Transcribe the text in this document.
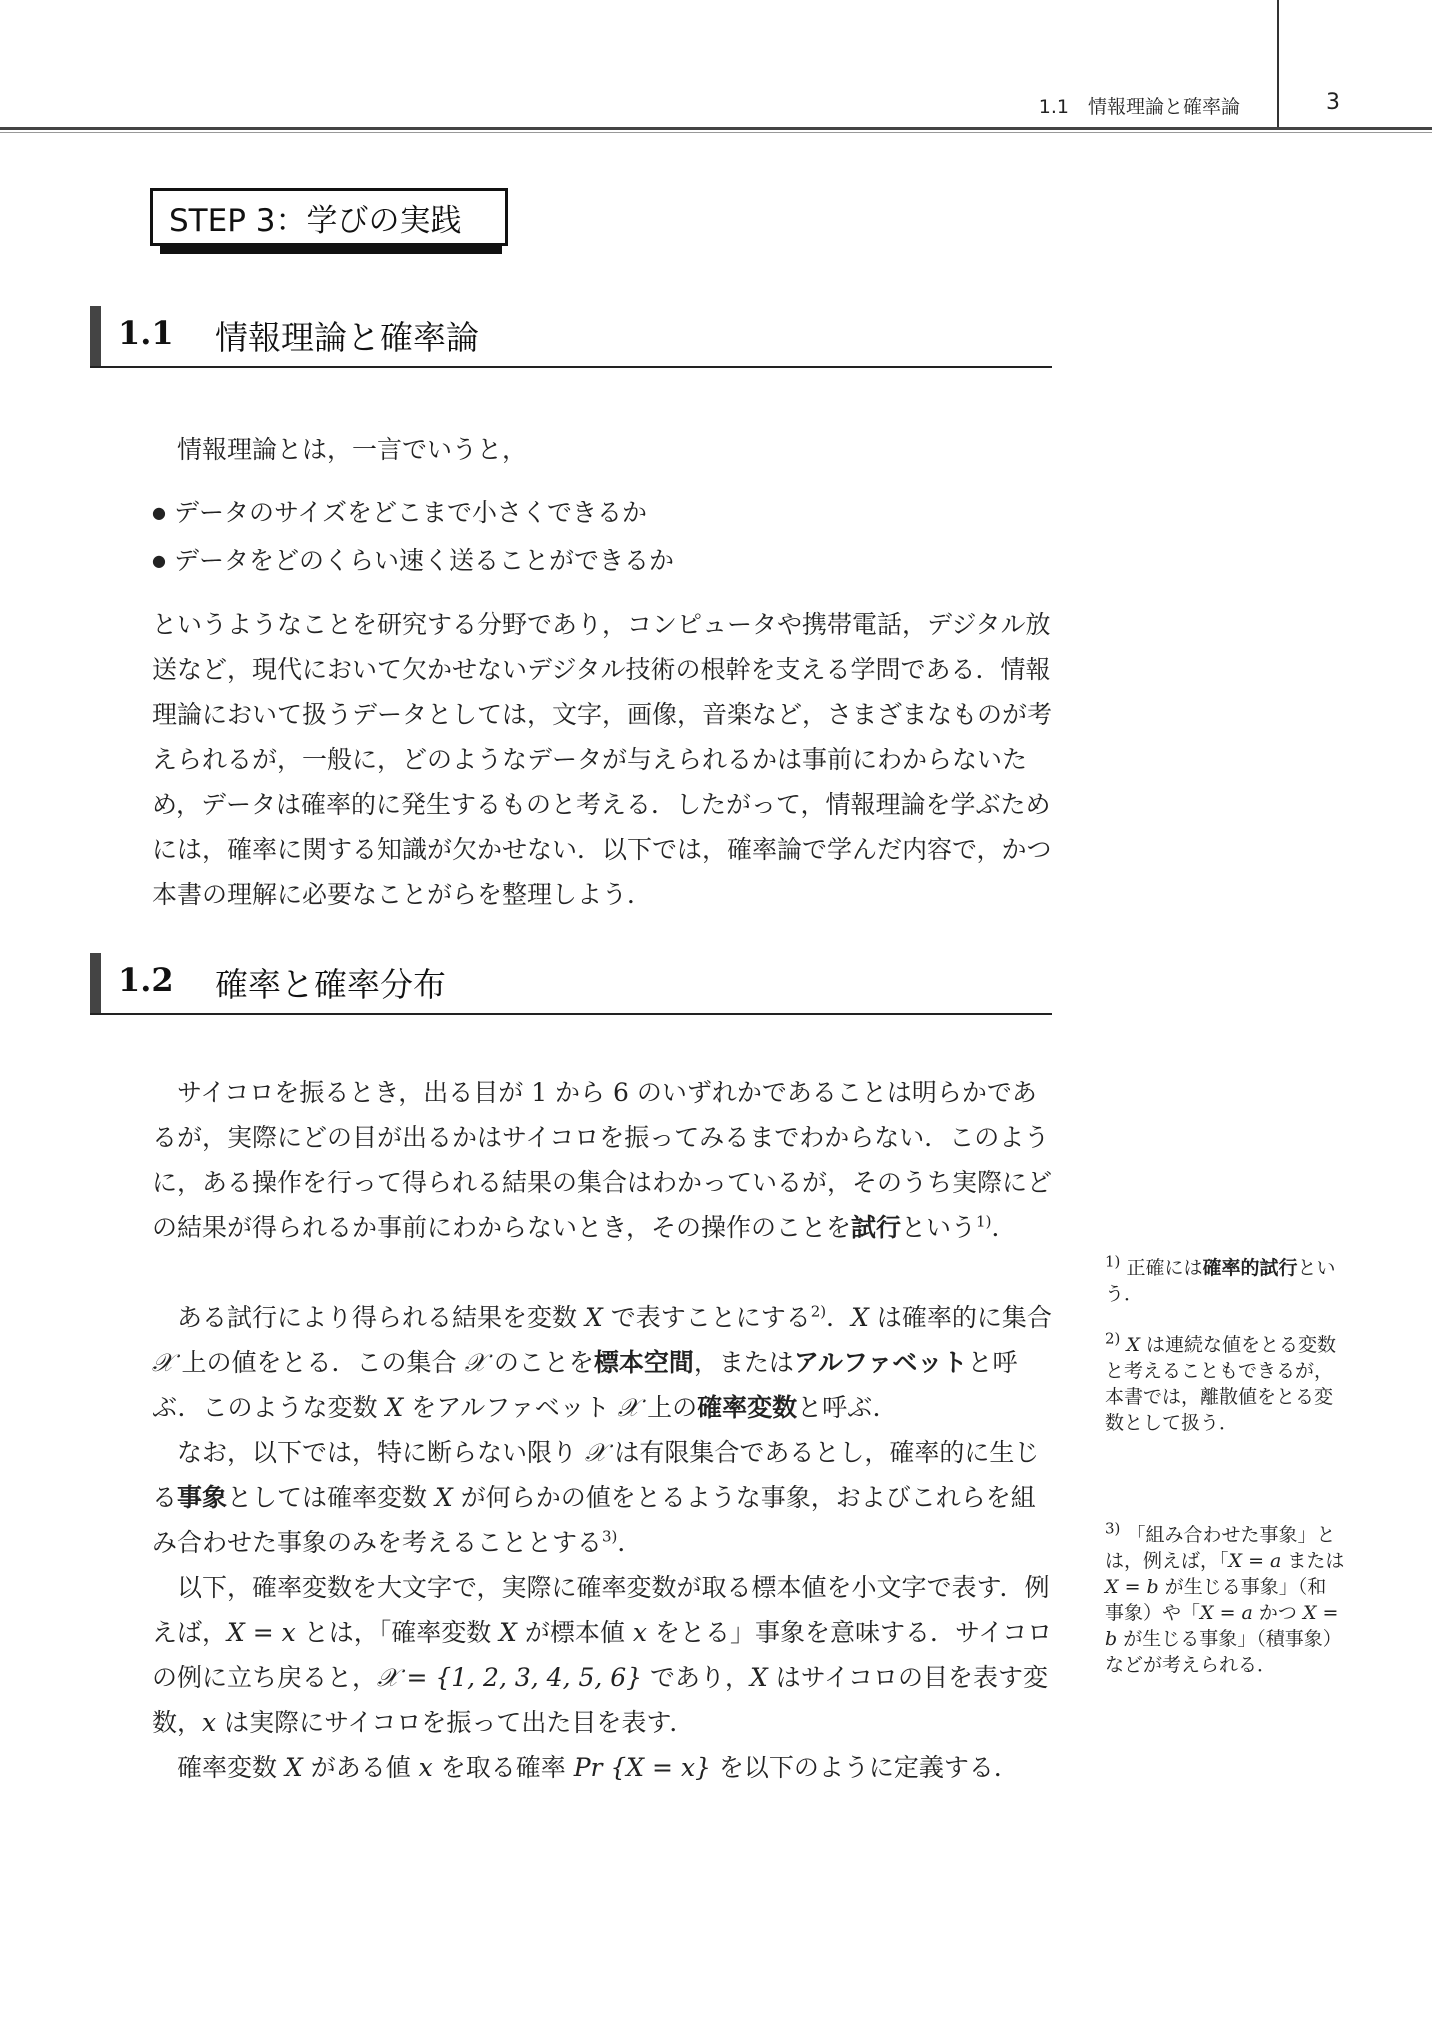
1.1　情報理論と確率論	3
STEP 3：学びの実践
1.1 情報理論と確率論

情報理論とは，一言でいうと，

● データのサイズをどこまで小さくできるか
● データをどのくらい速く送ることができるか

というようなことを研究する分野であり，コンピュータや携帯電話，デジタル放送など，現代において欠かせないデジタル技術の根幹を支える学問である．情報理論において扱うデータとしては，文字，画像，音楽など，さまざまなものが考えられるが，一般に，どのようなデータが与えられるかは事前にわからないため，データは確率的に発生するものと考える．したがって，情報理論を学ぶためには，確率に関する知識が欠かせない．以下では，確率論で学んだ内容で，かつ本書の理解に必要なことがらを整理しよう．

1.2 確率と確率分布

サイコロを振るとき，出る目が 1 から 6 のいずれかであることは明らかであるが，実際にどの目が出るかはサイコロを振ってみるまでわからない．このように，ある操作を行って得られる結果の集合はわかっているが，そのうち実際にどの結果が得られるか事前にわからないとき，その操作のことを試行という$^{1)}$．

ある試行により得られる結果を変数 X で表すことにする$^{2)}$．X は確率的に集合 𝒳 上の値をとる．この集合 𝒳 のことを標本空間，またはアルファベットと呼ぶ．このような変数 X をアルファベット 𝒳 上の確率変数と呼ぶ．

なお，以下では，特に断らない限り 𝒳 は有限集合であるとし，確率的に生じる事象としては確率変数 X が何らかの値をとるような事象，およびこれらを組み合わせた事象のみを考えることとする$^{3)}$．

以下，確率変数を大文字で，実際に確率変数が取る標本値を小文字で表す．例えば，X = x とは，「確率変数 X が標本値 x をとる」事象を意味する．サイコロの例に立ち戻ると，𝒳 = {1, 2, 3, 4, 5, 6} であり，X はサイコロの目を表す変数，x は実際にサイコロを振って出た目を表す．

確率変数 X がある値 x を取る確率 Pr {X = x} を以下のように定義する．

$^{1)}$ 正確には確率的試行という．

$^{2)}$ X は連続な値をとる変数と考えることもできるが，本書では，離散値をとる変数として扱う．

$^{3)}$ 「組み合わせた事象」とは，例えば，「X = a または X = b が生じる事象」（和事象）や「X = a かつ X = b が生じる事象」（積事象）などが考えられる．
